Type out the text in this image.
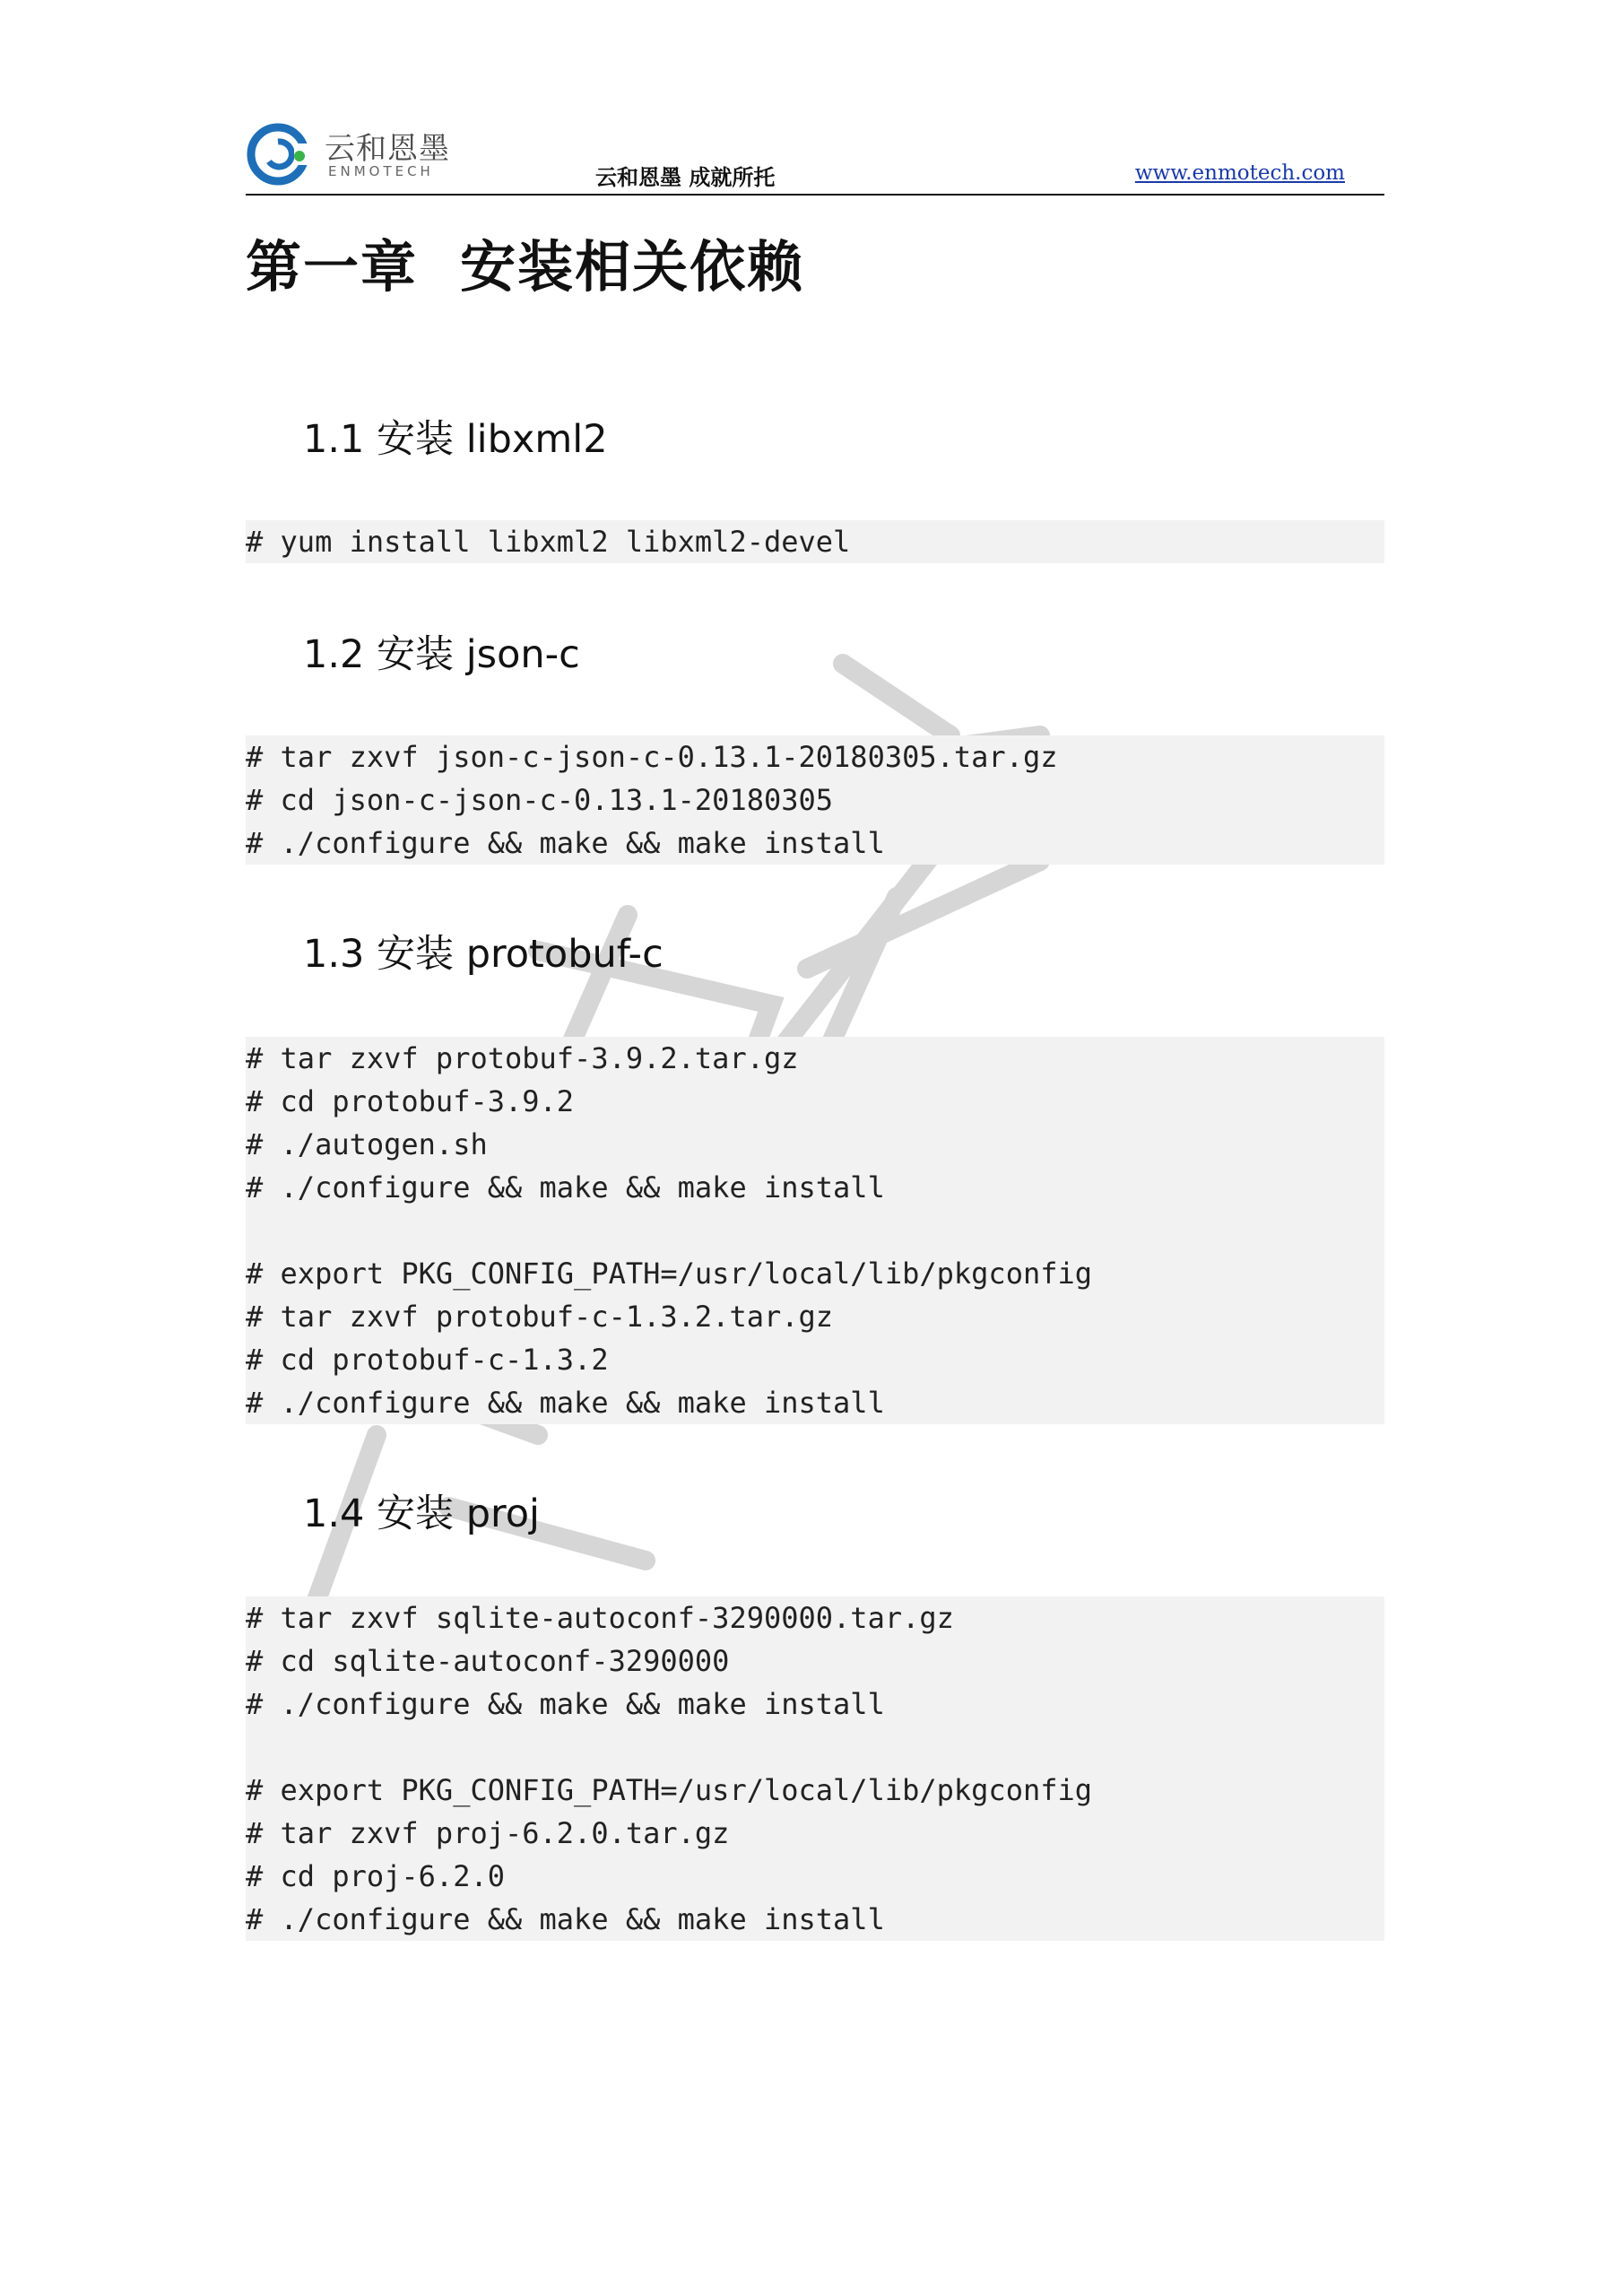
云和恩墨
ENMOTECH	云和恩墨 成就所托	www.enmotech.com
第一章  安装相关依赖
1.1 安装 libxml2
# yum install libxml2 libxml2-devel
1.2 安装 json-c
# tar zxvf json-c-json-c-0.13.1-20180305.tar.gz
# cd json-c-json-c-0.13.1-20180305
# ./configure && make && make install
1.3 安装 protobuf-c
# tar zxvf protobuf-3.9.2.tar.gz
# cd protobuf-3.9.2
# ./autogen.sh
# ./configure && make && make install
# export PKG_CONFIG_PATH=/usr/local/lib/pkgconfig
# tar zxvf protobuf-c-1.3.2.tar.gz
# cd protobuf-c-1.3.2
# ./configure && make && make install
1.4 安装 proj
# tar zxvf sqlite-autoconf-3290000.tar.gz
# cd sqlite-autoconf-3290000
# ./configure && make && make install
# export PKG_CONFIG_PATH=/usr/local/lib/pkgconfig
# tar zxvf proj-6.2.0.tar.gz
# cd proj-6.2.0
# ./configure && make && make install
